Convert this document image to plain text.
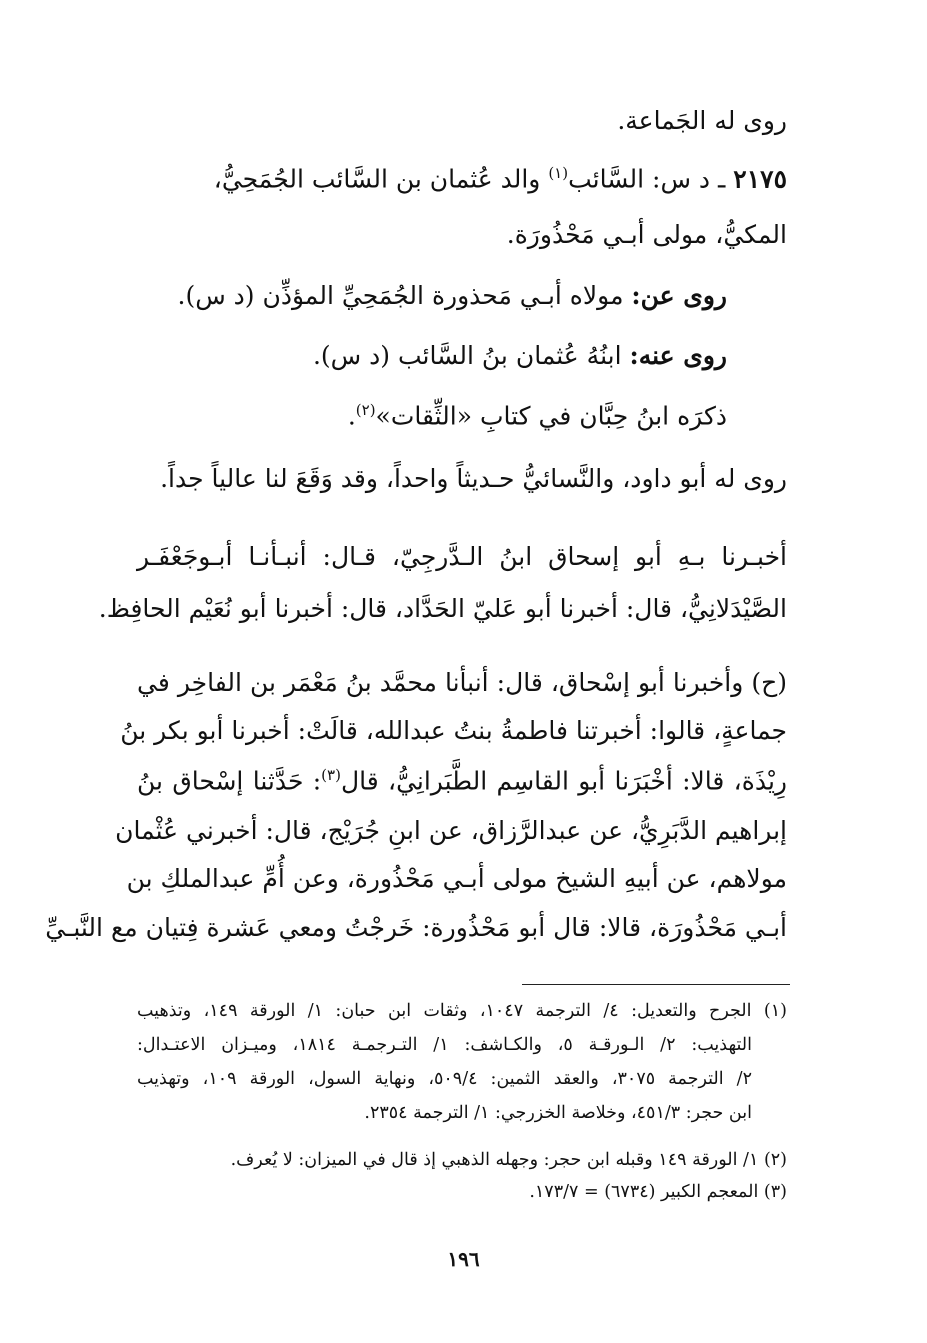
روى له الجَماعة.
٢١٧٥ ـ د س: السَّائب$^{(١)}$ والد عُثمان بن السَّائب الجُمَحِيُّ،
المكيُّ، مولى أبـي مَحْذُورَة.
روى عن: مولاه أبـي مَحذورة الجُمَحِيِّ المؤذِّن (د س).
روى عنه: ابنُهُ عُثمان بنُ السَّائب (د س).
ذكرَه ابنُ حِبَّان في كتابِ «الثِّقات»$^{(٢)}$.
روى له أبو داود، والنَّسائيُّ حـديثاً واحداً، وقد وَقَعَ لنا عالياً جداً.
أخبـرنا بـهِ أبو إسحاق ابنُ الـدَّرجِيّ، قـال: أنبـأنـا أبـوجَعْفَـر
الصَّيْدَلانِيُّ، قال: أخبرنا أبو عَليّ الحَدَّاد، قال: أخبرنا أبو نُعَيْم الحافِظ.
(ح) وأخبرنا أبو إسْحاق، قال: أنبأنا محمَّد بنُ مَعْمَر بن الفاخِر في
جماعةٍ، قالوا: أخبرتنا فاطمةُ بنتُ عبدالله، قالَتْ: أخبرنا أبو بكر بنُ
رِيْذَة، قالا: أخْبَرَنا أبو القاسِم الطَّبَرانِيُّ، قال$^{(٣)}$: حَدَّثنا إسْحاق بنُ
إبراهيم الدَّبَرِيُّ، عن عبدالرَّزاق، عن ابنِ جُرَيْج، قال: أخبرني عُثْمان
مولاهم، عن أبيهِ الشيخ مولى أبـي مَحْذُورة، وعن أُمِّ عبدالملكِ بن
أبـي مَحْذُورَة، قالا: قال أبو مَحْذُورة: خَرجْتُ ومعي عَشرة فِتيان مع النَّبـيِّ
(١) الجرح والتعديل: ٤/ الترجمة ١٠٤٧، وثقات ابن حبان: ١/ الورقة ١٤٩، وتذهيب
التهذيب: ٢/ الـورقـة ٥، والكـاشف: ١/ التـرجمـة ١٨١٤، وميـزان الاعتـدال:
٢/ الترجمة ٣٠٧٥، والعقد الثمين: ٥٠٩/٤، ونهاية السول، الورقة ١٠٩، وتهذيب
ابن حجر: ٤٥١/٣، وخلاصة الخزرجي: ١/ الترجمة ٢٣٥٤.
(٢) ١/ الورقة ١٤٩ وقبله ابن حجر: وجهله الذهبي إذ قال في الميزان: لا يُعرف.
(٣) المعجم الكبير (٦٧٣٤) = ١٧٣/٧.
١٩٦
